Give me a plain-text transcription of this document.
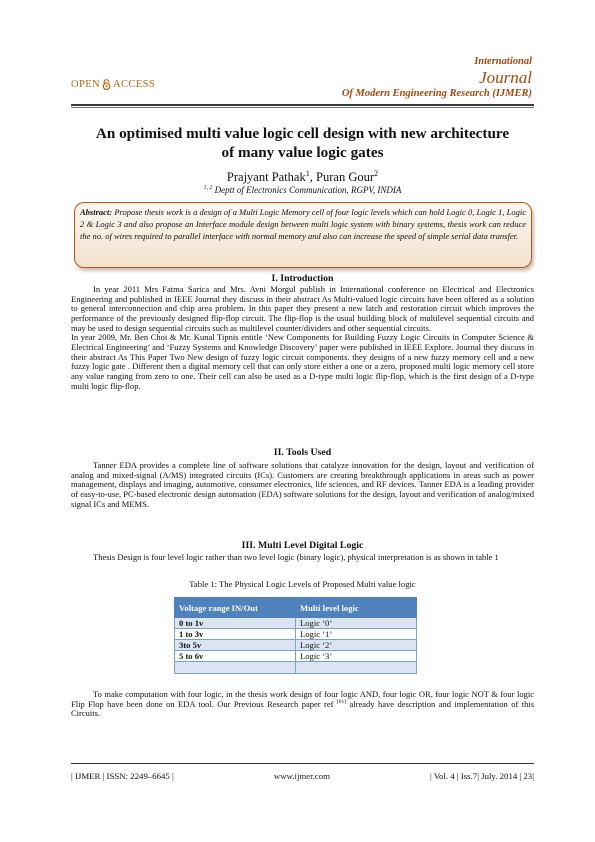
OPEN ACCESS
International
Journal
Of Modern Engineering Research (IJMER)
An optimised multi value logic cell design with new architecture
of many value logic gates
Prajyant Pathak$^1$, Puran Gour$^2$
$^{1, 2}$ Deptt of Electronics Communication, RGPV, INDIA
Abstract: Propose thesis work is a design of a Multi Logic Memory cell of four logic levels which can hold Logic 0, Logic 1, Logic 2 & Logic 3 and also propose an Interface module design between multi logic system with binary systems, thesis work can reduce the no. of wires required to parallel interface with normal memory and also can increase the speed of simple serial data transfer.
I. Introduction

In year 2011 Mrs Fatma Sarica and Mrs. Avni Morgul publish in International conference on Electrical and Electronics Engineering and published in IEEE Journal they discuss in their abstract As Multi-valued logic circuits have been offered as a solution to general interconnection and chip area problem. In this paper they present a new latch and restoration circuit which improves the performance of the previously designed flip-flop circuit. The flip-flop is the usual building block of multilevel sequential circuits and may be used to design sequential circuits such as multilevel counter/dividers and other sequential circuits.

In year 2009, Mr. Ben Choi & Mr. Kunal Tipnis entitle ‘New Components for Building Fuzzy Logic Circuits in Computer Science & Electrical Engineering’ and ‘Fuzzy Systems and Knowledge Discovery’ paper were published in IEEE Explore. Journal they discuss in their abstract As This Paper Two New design of fuzzy logic circuit components. they designs of a new fuzzy memory cell and a new fuzzy logic gate . Different then a digital memory cell that can only store either a one or a zero, proposed multi logic memory cell store any value ranging from zero to one. Their cell can also be used as a D-type multi logic flip-flop, which is the first design of a D-type multi logic flip-flop.

II. Tools Used

Tanner EDA provides a complete line of software solutions that catalyze innovation for the design, layout and verification of analog and mixed-signal (A/MS) integrated circuits (ICs). Customers are creating breakthrough applications in areas such as power management, displays and imaging, automotive, consumer electronics, life sciences, and RF devices. Tanner EDA is a leading provider of easy-to-use, PC-based electronic design automation (EDA) software solutions for the design, layout and verification of analog/mixed signal ICs and MEMS.

III. Multi Level Digital Logic

Thesis Design is four level logic rather than two level logic (binary logic), physical interpretation is as shown in table 1

Table 1: The Physical Logic Levels of Proposed Multi value logic
Voltage range IN/Out	Multi level logic
0 to 1v	Logic ‘0’
1 to 3v	Logic ‘1’
3to 5v	Logic ‘2’
5 to 6v	Logic ‘3’

To make computation with four logic, in the thesis work design of four logic AND, four logic OR, four logic NOT & four logic Flip Flop have been done on EDA tool. Our Previous Research paper ref [01] already have description and implementation of this Circuits.

| IJMER | ISSN: 2249–6645 |	www.ijmer.com	| Vol. 4 | Iss.7| July. 2014 | 23|
